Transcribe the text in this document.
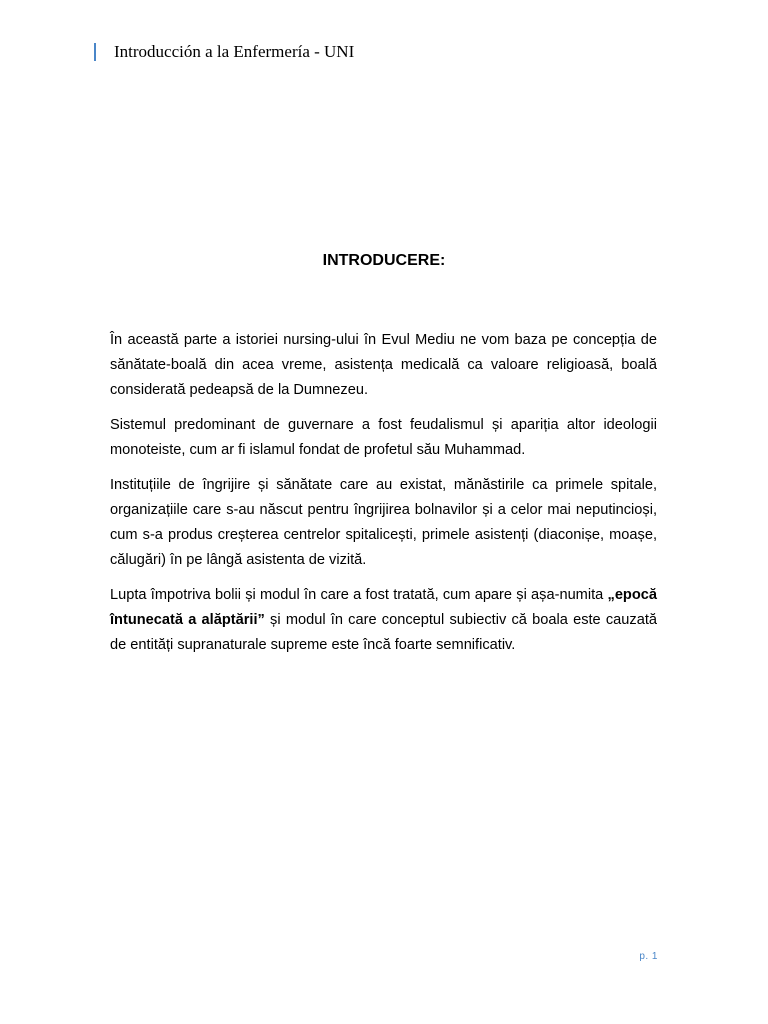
Introducción a la Enfermería - UNI
INTRODUCERE:

În această parte a istoriei nursing-ului în Evul Mediu ne vom baza pe concepția de sănătate-boală din acea vreme, asistența medicală ca valoare religioasă, boală considerată pedeapsă de la Dumnezeu.

Sistemul predominant de guvernare a fost feudalismul și apariția altor ideologii monoteiste, cum ar fi islamul fondat de profetul său Muhammad.

Instituțiile de îngrijire și sănătate care au existat, mănăstirile ca primele spitale, organizațiile care s-au născut pentru îngrijirea bolnavilor și a celor mai neputincioși, cum s-a produs creșterea centrelor spitalicești, primele asistenți (diaconișe, moașe, călugări) în pe lângă asistenta de vizită.

Lupta împotriva bolii și modul în care a fost tratată, cum apare și așa-numita „epocă întunecată a alăptării” și modul în care conceptul subiectiv că boala este cauzată de entități supranaturale supreme este încă foarte semnificativ.

p. 1
